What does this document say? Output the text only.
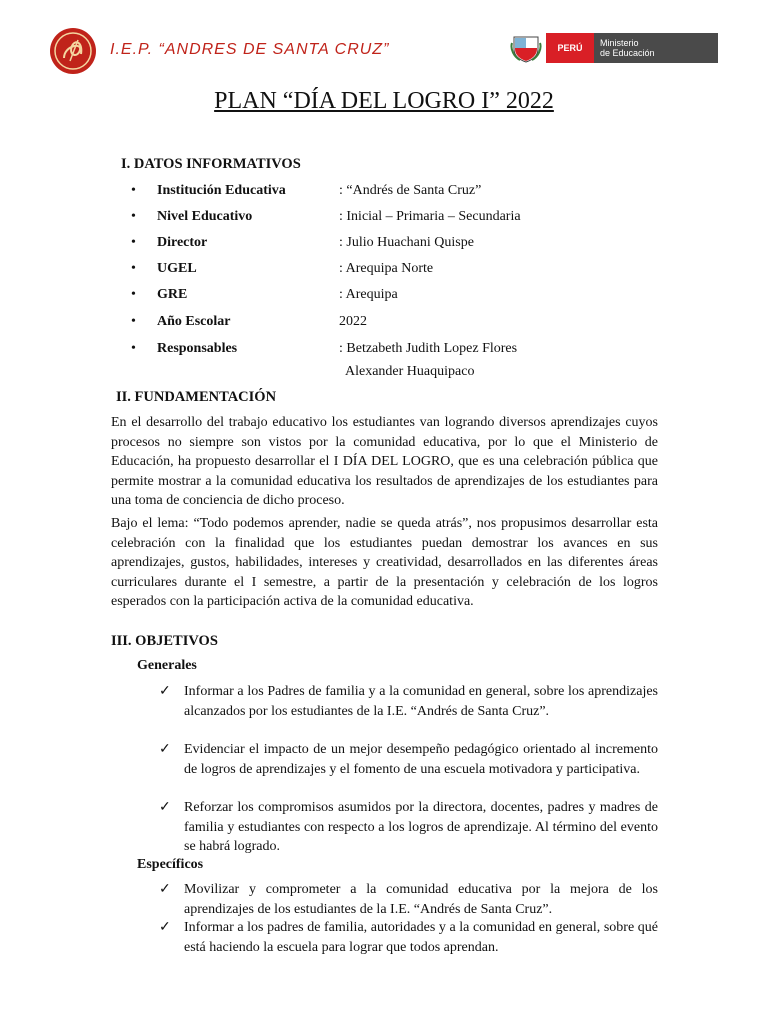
I.E.P. “ANDRES DE SANTA CRUZ”	PERÚ	Ministerio
de Educación
PLAN “DÍA DEL LOGRO I” 2022
I. DATOS INFORMATIVOS
• Institución Educativa	: “Andrés de Santa Cruz”
• Nivel Educativo	: Inicial – Primaria – Secundaria
• Director	: Julio Huachani Quispe
• UGEL	: Arequipa Norte
• GRE	: Arequipa
• Año Escolar	2022
• Responsables	: Betzabeth Judith Lopez Flores
Alexander Huaquipaco
II. FUNDAMENTACIÓN

En el desarrollo del trabajo educativo los estudiantes van logrando diversos aprendizajes cuyos procesos no siempre son vistos por la comunidad educativa, por lo que el Ministerio de Educación, ha propuesto desarrollar el I DÍA DEL LOGRO, que es una celebración pública que permite mostrar a la comunidad educativa los resultados de aprendizajes de los estudiantes para una toma de conciencia de dicho proceso.

Bajo el lema: “Todo podemos aprender, nadie se queda atrás”, nos propusimos desarrollar esta celebración con la finalidad que los estudiantes puedan demostrar los avances en sus aprendizajes, gustos, habilidades, intereses y creatividad, desarrollados en las diferentes áreas curriculares durante el I semestre, a partir de la presentación y celebración de los logros esperados con la participación activa de la comunidad educativa.

III. OBJETIVOS
Generales
✓ Informar a los Padres de familia y a la comunidad en general, sobre los aprendizajes alcanzados por los estudiantes de la I.E. “Andrés de Santa Cruz”.

✓ Evidenciar el impacto de un mejor desempeño pedagógico orientado al incremento de logros de aprendizajes y el fomento de una escuela motivadora y participativa.

✓ Reforzar los compromisos asumidos por la directora, docentes, padres y madres de familia y estudiantes con respecto a los logros de aprendizaje. Al término del evento se habrá logrado.

Específicos
✓ Movilizar y comprometer a la comunidad educativa por la mejora de los aprendizajes de los estudiantes de la I.E. “Andrés de Santa Cruz”.

✓ Informar a los padres de familia, autoridades y a la comunidad en general, sobre qué está haciendo la escuela para lograr que todos aprendan.
